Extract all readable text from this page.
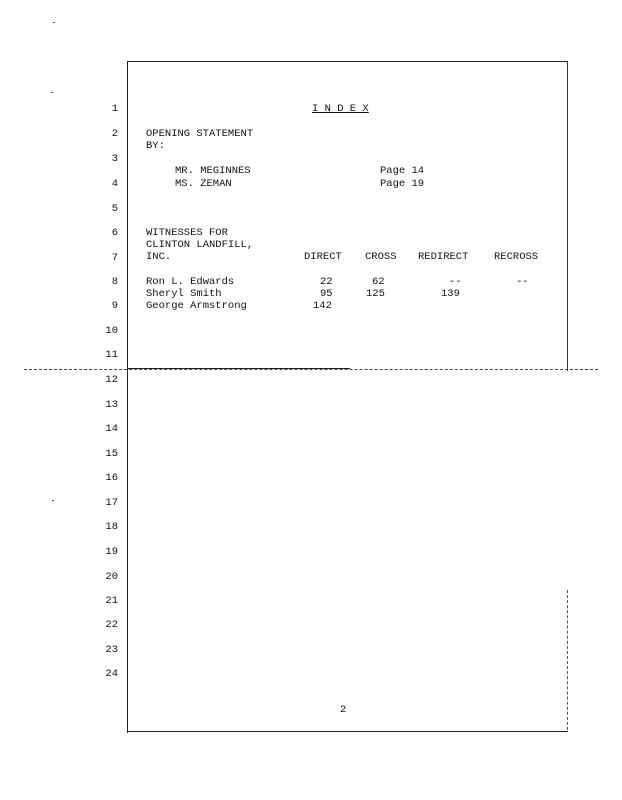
1
2
3
4
5
6
7
8
9
10
11
12
13
14
15
16
17
18
19
20
21
22
23
24
I N D E X
OPENING STATEMENT
BY:
MR. MEGINNES	Page 14
MS. ZEMAN	Page 19
WITNESSES FOR
CLINTON LANDFILL,
INC.	DIRECT CROSS REDIRECT RECROSS
Ron L. Edwards	22	62	--	--
Sheryl Smith	95	125	139
George Armstrong	142
2
